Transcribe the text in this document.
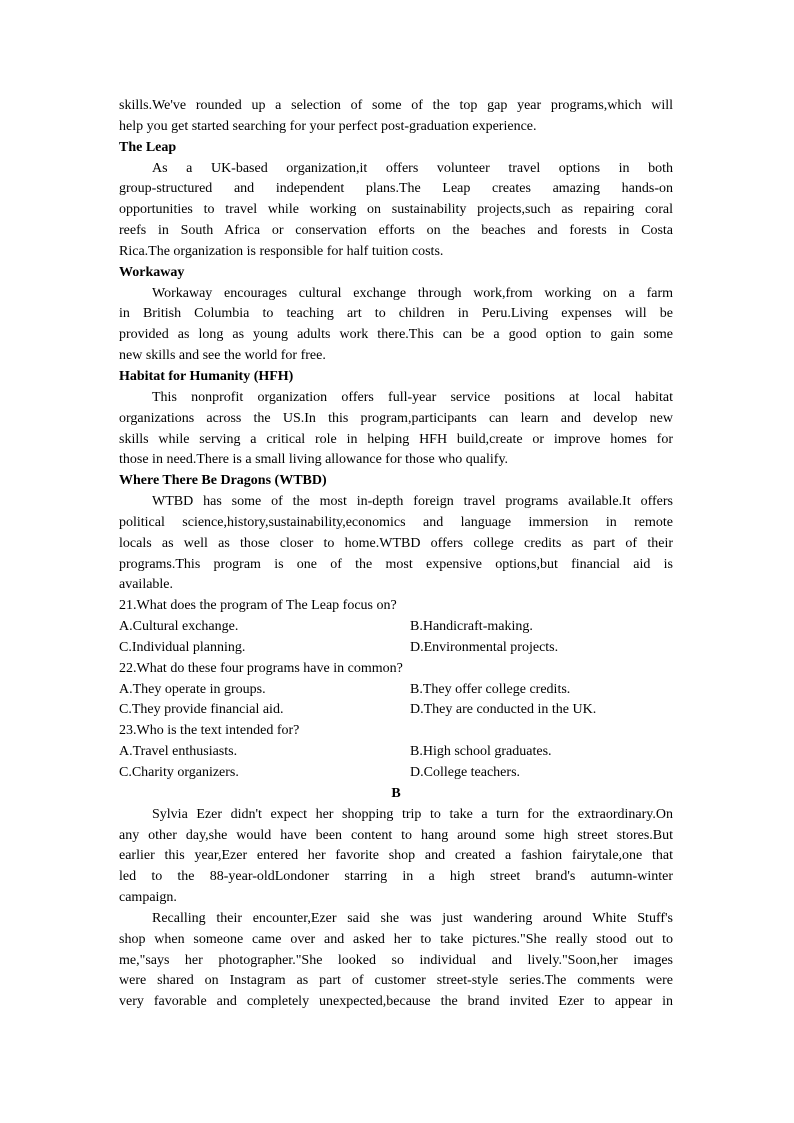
skills.We've rounded up a selection of some of the top gap year programs,which will
help you get started searching for your perfect post-graduation experience.
The Leap
As a UK-based organization,it offers volunteer travel options in both
group-structured and independent plans.The Leap creates amazing hands-on
opportunities to travel while working on sustainability projects,such as repairing coral
reefs in South Africa or conservation efforts on the beaches and forests in Costa
Rica.The organization is responsible for half tuition costs.
Workaway
Workaway encourages cultural exchange through work,from working on a farm
in British Columbia to teaching art to children in Peru.Living expenses will be
provided as long as young adults work there.This can be a good option to gain some
new skills and see the world for free.
Habitat for Humanity (HFH)
This nonprofit organization offers full-year service positions at local habitat
organizations across the US.In this program,participants can learn and develop new
skills while serving a critical role in helping HFH build,create or improve homes for
those in need.There is a small living allowance for those who qualify.
Where There Be Dragons (WTBD)
WTBD has some of the most in-depth foreign travel programs available.It offers
political science,history,sustainability,economics and language immersion in remote
locals as well as those closer to home.WTBD offers college credits as part of their
programs.This program is one of the most expensive options,but financial aid is
available.
21.What does the program of The Leap focus on?
A.Cultural exchange.	B.Handicraft-making.
C.Individual planning.	D.Environmental projects.
22.What do these four programs have in common?
A.They operate in groups.	B.They offer college credits.
C.They provide financial aid.	D.They are conducted in the UK.
23.Who is the text intended for?
A.Travel enthusiasts.	B.High school graduates.
C.Charity organizers.	D.College teachers.
B
Sylvia Ezer didn't expect her shopping trip to take a turn for the extraordinary.On
any other day,she would have been content to hang around some high street stores.But
earlier this year,Ezer entered her favorite shop and created a fashion fairytale,one that
led to the 88-year-oldLondoner starring in a high street brand's autumn-winter
campaign.
Recalling their encounter,Ezer said she was just wandering around White Stuff's
shop when someone came over and asked her to take pictures."She really stood out to
me,"says her photographer."She looked so individual and lively."Soon,her images
were shared on Instagram as part of customer street-style series.The comments were
very favorable and completely unexpected,because the brand invited Ezer to appear in
